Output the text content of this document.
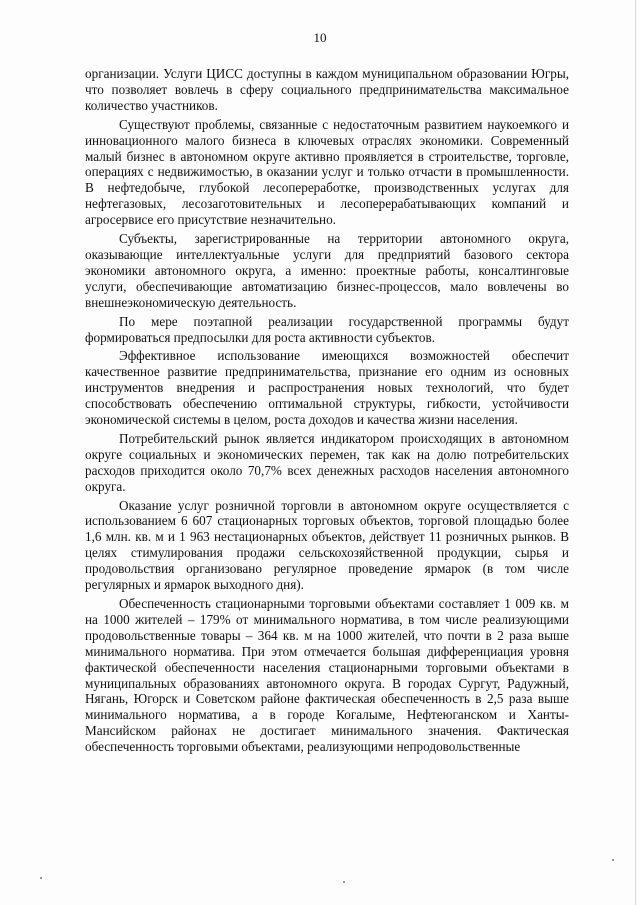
10

организации. Услуги ЦИСС доступны в каждом муниципальном образовании Югры, что позволяет вовлечь в сферу социального предпринимательства максимальное количество участников.

Существуют проблемы, связанные с недостаточным развитием наукоемкого и инновационного малого бизнеса в ключевых отраслях экономики. Современный малый бизнес в автономном округе активно проявляется в строительстве, торговле, операциях с недвижимостью, в оказании услуг и только отчасти в промышленности. В нефтедобыче, глубокой лесопереработке, производственных услугах для нефтегазовых, лесозаготовительных и лесоперерабатывающих компаний и агросервисе его присутствие незначительно.

Субъекты, зарегистрированные на территории автономного округа, оказывающие интеллектуальные услуги для предприятий базового сектора экономики автономного округа, а именно: проектные работы, консалтинговые услуги, обеспечивающие автоматизацию бизнес-процессов, мало вовлечены во внешнеэкономическую деятельность.

По мере поэтапной реализации государственной программы будут формироваться предпосылки для роста активности субъектов.

Эффективное использование имеющихся возможностей обеспечит качественное развитие предпринимательства, признание его одним из основных инструментов внедрения и распространения новых технологий, что будет способствовать обеспечению оптимальной структуры, гибкости, устойчивости экономической системы в целом, роста доходов и качества жизни населения.

Потребительский рынок является индикатором происходящих в автономном округе социальных и экономических перемен, так как на долю потребительских расходов приходится около 70,7% всех денежных расходов населения автономного округа.

Оказание услуг розничной торговли в автономном округе осуществляется с использованием 6 607 стационарных торговых объектов, торговой площадью более 1,6 млн. кв. м и 1 963 нестационарных объектов, действует 11 розничных рынков. В целях стимулирования продажи сельскохозяйственной продукции, сырья и продовольствия организовано регулярное проведение ярмарок (в том числе регулярных и ярмарок выходного дня).

Обеспеченность стационарными торговыми объектами составляет 1 009 кв. м на 1000 жителей – 179% от минимального норматива, в том числе реализующими продовольственные товары – 364 кв. м на 1000 жителей, что почти в 2 раза выше минимального норматива. При этом отмечается большая дифференциация уровня фактической обеспеченности населения стационарными торговыми объектами в муниципальных образованиях автономного округа. В городах Сургут, Радужный, Нягань, Югорск и Советском районе фактическая обеспеченность в 2,5 раза выше минимального норматива, а в городе Когалыме, Нефтеюганском и Ханты-Мансийском районах не достигает минимального значения. Фактическая обеспеченность торговыми объектами, реализующими непродовольственные
